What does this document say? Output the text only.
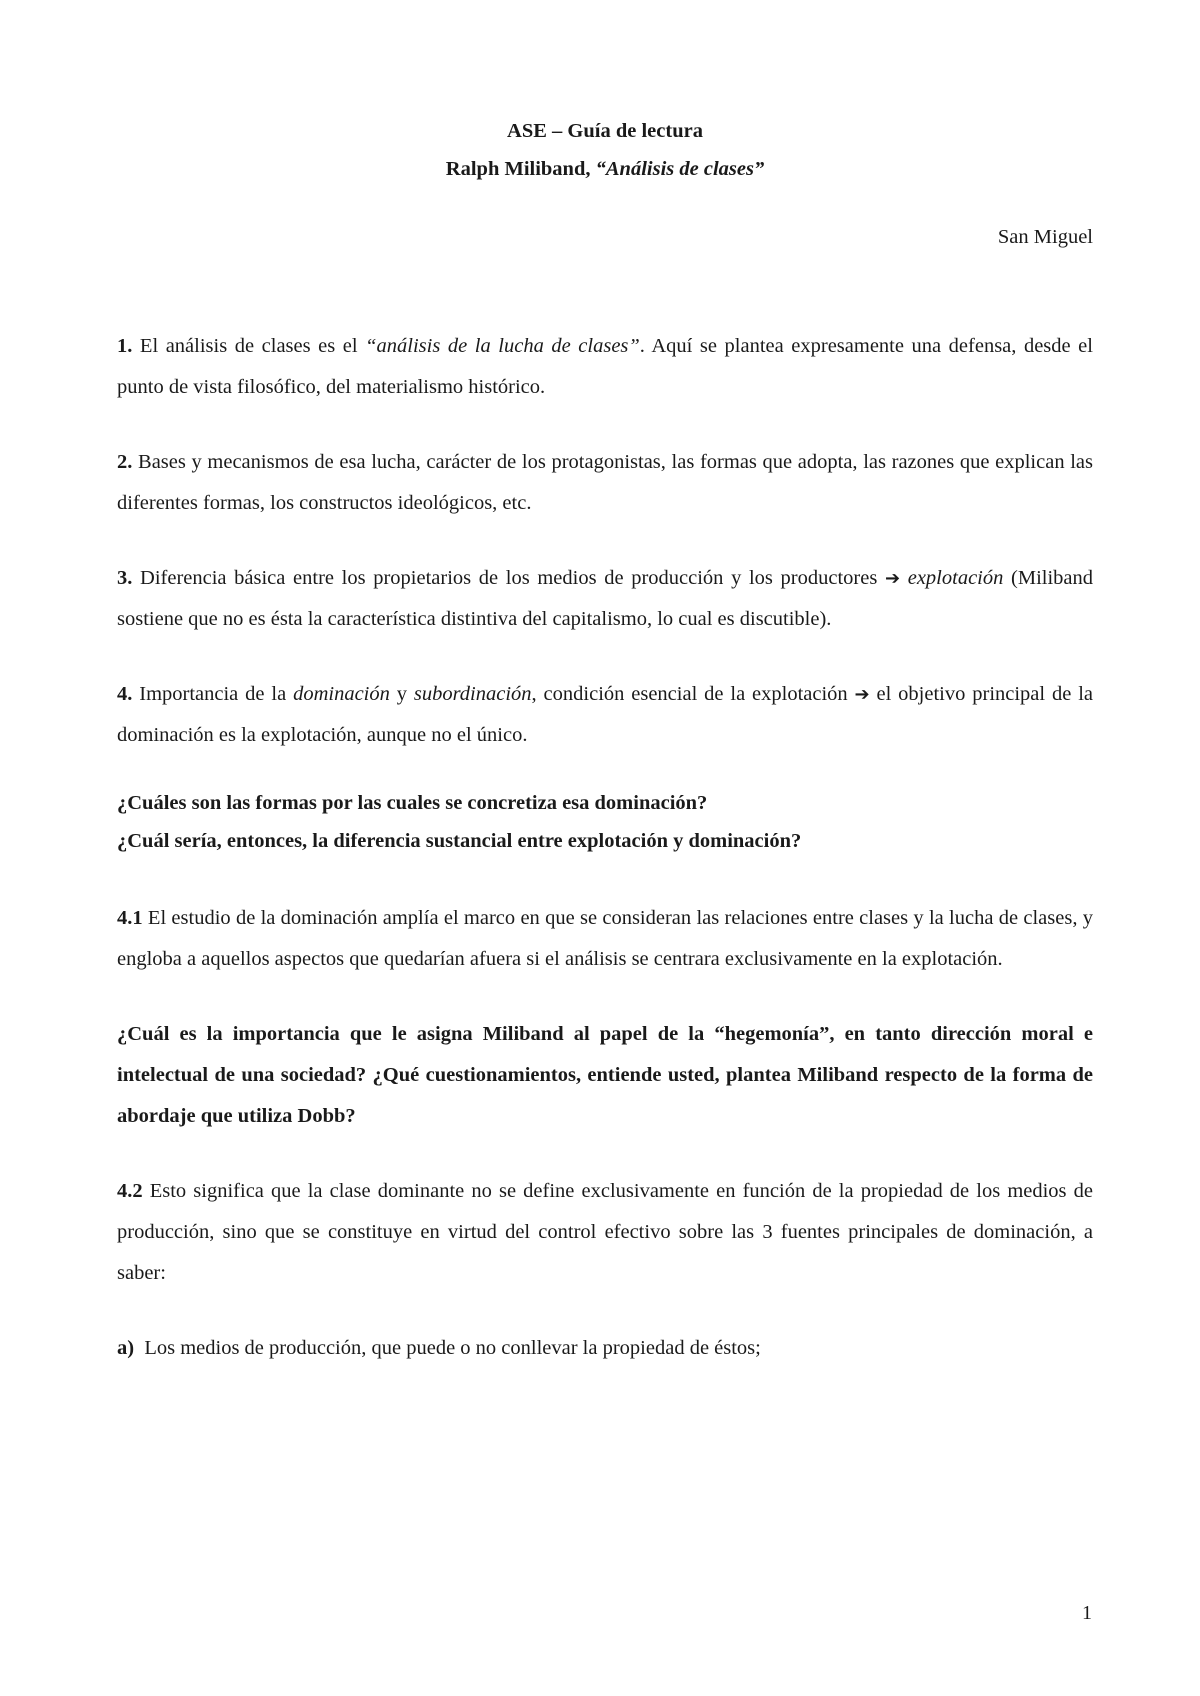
ASE – Guía de lectura

Ralph Miliband, “Análisis de clases”

San Miguel

1. El análisis de clases es el “análisis de la lucha de clases”. Aquí se plantea expresamente una defensa, desde el punto de vista filosófico, del materialismo histórico.

2. Bases y mecanismos de esa lucha, carácter de los protagonistas, las formas que adopta, las razones que explican las diferentes formas, los constructos ideológicos, etc.

3. Diferencia básica entre los propietarios de los medios de producción y los productores ➔ explotación (Miliband sostiene que no es ésta la característica distintiva del capitalismo, lo cual es discutible).

4. Importancia de la dominación y subordinación, condición esencial de la explotación ➔ el objetivo principal de la dominación es la explotación, aunque no el único.

¿Cuáles son las formas por las cuales se concretiza esa dominación?

¿Cuál sería, entonces, la diferencia sustancial entre explotación y dominación?

4.1 El estudio de la dominación amplía el marco en que se consideran las relaciones entre clases y la lucha de clases, y engloba a aquellos aspectos que quedarían afuera si el análisis se centrara exclusivamente en la explotación.

¿Cuál es la importancia que le asigna Miliband al papel de la “hegemonía”, en tanto dirección moral e intelectual de una sociedad? ¿Qué cuestionamientos, entiende usted, plantea Miliband respecto de la forma de abordaje que utiliza Dobb?

4.2 Esto significa que la clase dominante no se define exclusivamente en función de la propiedad de los medios de producción, sino que se constituye en virtud del control efectivo sobre las 3 fuentes principales de dominación, a saber:

a)  Los medios de producción, que puede o no conllevar la propiedad de éstos;

1
